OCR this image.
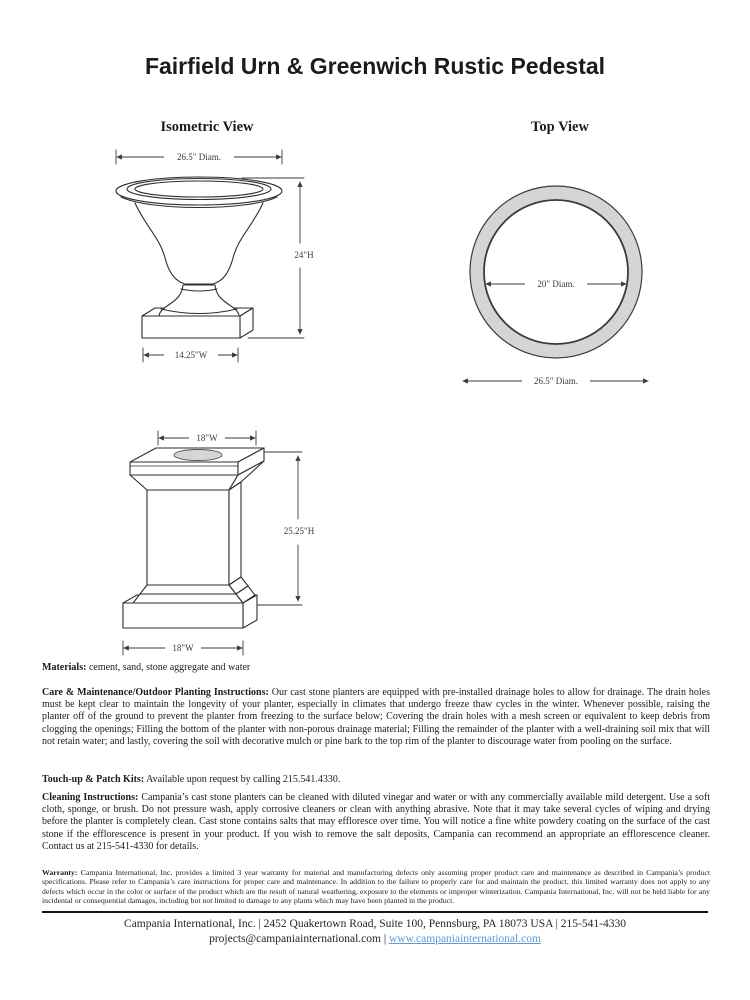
Fairfield Urn & Greenwich Rustic Pedestal
Isometric View	Top View
26.5" Diam.
24"H
14.25"W
20" Diam.
26.5" Diam.
18"W
25.25"H
18"W
Materials: cement, sand, stone aggregate and water
Care & Maintenance/Outdoor Planting Instructions: Our cast stone planters are equipped with pre-installed drainage holes to allow for drainage. The drain holes must be kept clear to maintain the longevity of your planter, especially in climates that undergo freeze thaw cycles in the winter. Whenever possible, raising the planter off of the ground to prevent the planter from freezing to the surface below; Covering the drain holes with a mesh screen or equivalent to keep debris from clogging the openings; Filling the bottom of the planter with non-porous drainage material; Filling the remainder of the planter with a well-draining soil mix that will not retain water; and lastly, covering the soil with decorative mulch or pine bark to the top rim of the planter to discourage water from pooling on the surface.
Touch-up & Patch Kits: Available upon request by calling 215.541.4330.
Cleaning Instructions: Campania’s cast stone planters can be cleaned with diluted vinegar and water or with any commercially available mild detergent. Use a soft cloth, sponge, or brush. Do not pressure wash, apply corrosive cleaners or clean with anything abrasive. Note that it may take several cycles of wiping and drying before the planter is completely clean. Cast stone contains salts that may effloresce over time. You will notice a fine white powdery coating on the surface of the cast stone if the efflorescence is present in your product. If you wish to remove the salt deposits, Campania can recommend an appropriate an efflorescence cleaner. Contact us at 215-541-4330 for details.
Warranty: Campania International, Inc. provides a limited 3 year warranty for material and manufacturing defects only assuming proper product care and maintenance as described in Campania’s product specifications. Please refer to Campania’s care instructions for proper care and maintenance. In addition to the failure to properly care for and maintain the product, this limited warranty does not apply to any defects which occur in the color or surface of the product which are the result of natural weathering, exposure to the elements or improper winterization. Campania International, Inc. will not be held liable for any incidental or consequential damages, including but not limited to damage to any plants which may have been planted in the product.
Campania International, Inc. | 2452 Quakertown Road, Suite 100, Pennsburg, PA 18073 USA | 215-541-4330
projects@campaniainternational.com | www.campaniainternational.com
